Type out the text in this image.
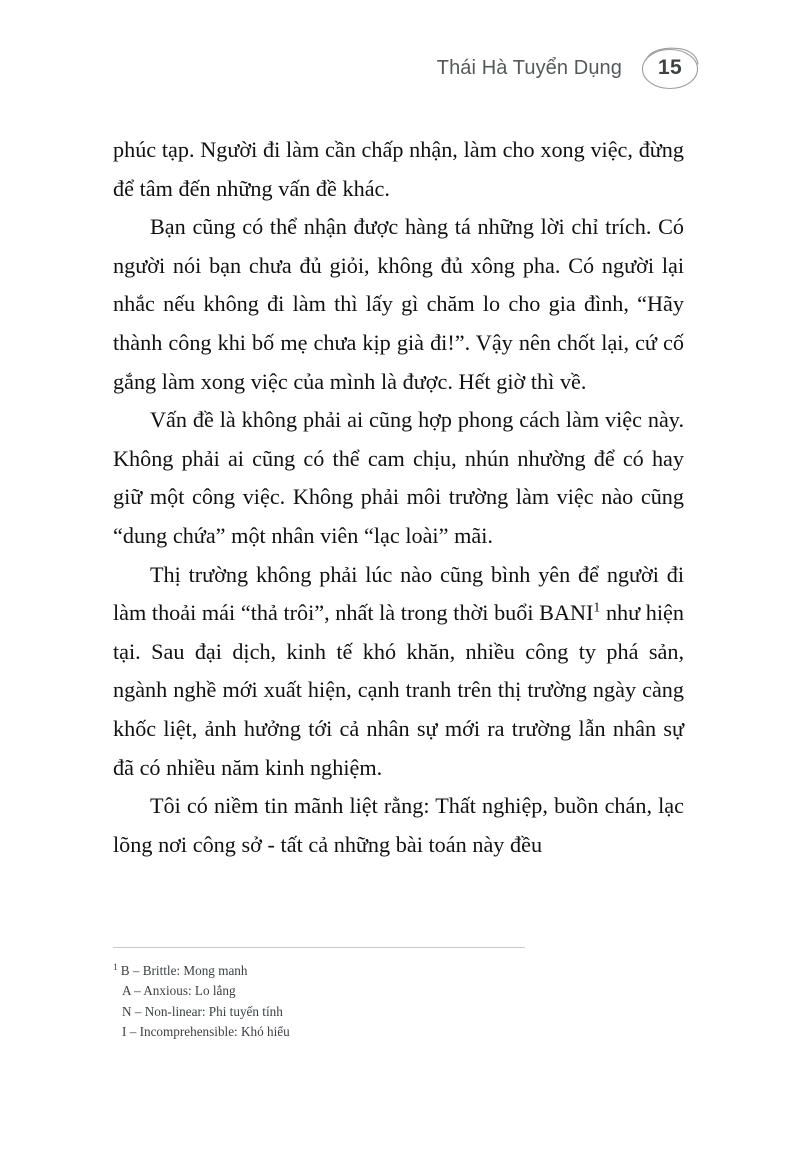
Thái Hà Tuyển Dụng 15

phúc tạp. Người đi làm cần chấp nhận, làm cho xong việc, đừng để tâm đến những vấn đề khác.

Bạn cũng có thể nhận được hàng tá những lời chỉ trích. Có người nói bạn chưa đủ giỏi, không đủ xông pha. Có người lại nhắc nếu không đi làm thì lấy gì chăm lo cho gia đình, “Hãy thành công khi bố mẹ chưa kịp già đi!”. Vậy nên chốt lại, cứ cố gắng làm xong việc của mình là được. Hết giờ thì về.

Vấn đề là không phải ai cũng hợp phong cách làm việc này. Không phải ai cũng có thể cam chịu, nhún nhường để có hay giữ một công việc. Không phải môi trường làm việc nào cũng “dung chứa” một nhân viên “lạc loài” mãi.

Thị trường không phải lúc nào cũng bình yên để người đi làm thoải mái “thả trôi”, nhất là trong thời buổi BANI$^1$ như hiện tại. Sau đại dịch, kinh tế khó khăn, nhiều công ty phá sản, ngành nghề mới xuất hiện, cạnh tranh trên thị trường ngày càng khốc liệt, ảnh hưởng tới cả nhân sự mới ra trường lẫn nhân sự đã có nhiều năm kinh nghiệm.

Tôi có niềm tin mãnh liệt rằng: Thất nghiệp, buồn chán, lạc lõng nơi công sở - tất cả những bài toán này đều

$^1$ B – Brittle: Mong manh
A – Anxious: Lo lắng
N – Non-linear: Phi tuyến tính
I – Incomprehensible: Khó hiểu
